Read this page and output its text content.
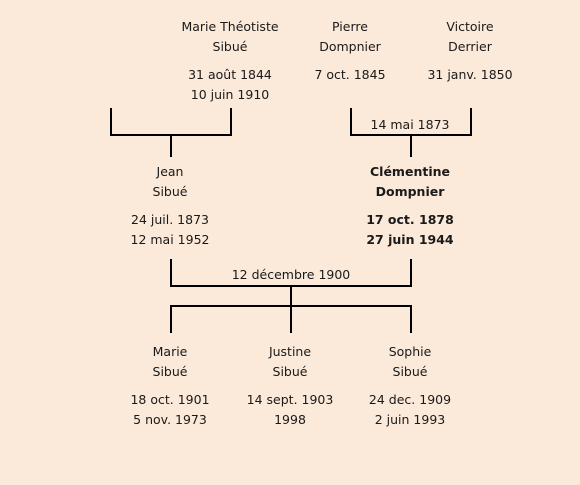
Marie Théotiste
Sibué
31 août 1844
10 juin 1910
Pierre
Dompnier
7 oct. 1845
Victoire
Derrier
31 janv. 1850
14 mai 1873
Jean
Sibué
24 juil. 1873
12 mai 1952
Clémentine
Dompnier
17 oct. 1878
27 juin 1944
12 décembre 1900
Marie
Sibué
18 oct. 1901
5 nov. 1973
Justine
Sibué
14 sept. 1903
1998
Sophie
Sibué
24 dec. 1909
2 juin 1993
